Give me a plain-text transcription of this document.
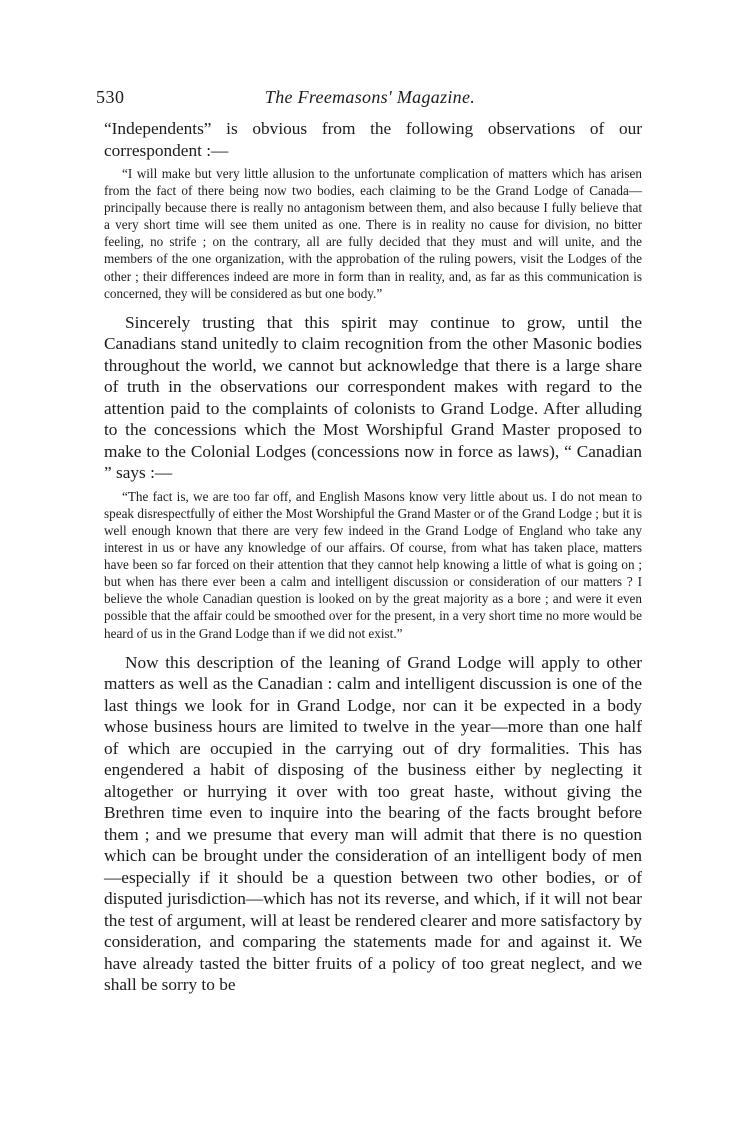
530	The Freemasons' Magazine.

“Independents” is obvious from the following observations of our correspondent :—

“I will make but very little allusion to the unfortunate complication of matters which has arisen from the fact of there being now two bodies, each claiming to be the Grand Lodge of Canada—principally because there is really no antagonism between them, and also because I fully believe that a very short time will see them united as one. There is in reality no cause for division, no bitter feeling, no strife ; on the contrary, all are fully decided that they must and will unite, and the members of the one organization, with the approbation of the ruling powers, visit the Lodges of the other ; their differences indeed are more in form than in reality, and, as far as this communication is concerned, they will be considered as but one body.”

Sincerely trusting that this spirit may continue to grow, until the Canadians stand unitedly to claim recognition from the other Masonic bodies throughout the world, we cannot but acknowledge that there is a large share of truth in the observations our correspondent makes with regard to the attention paid to the complaints of colonists to Grand Lodge. After alluding to the concessions which the Most Worshipful Grand Master proposed to make to the Colonial Lodges (concessions now in force as laws), “ Canadian ” says :—

“The fact is, we are too far off, and English Masons know very little about us. I do not mean to speak disrespectfully of either the Most Worshipful the Grand Master or of the Grand Lodge ; but it is well enough known that there are very few indeed in the Grand Lodge of England who take any interest in us or have any knowledge of our affairs. Of course, from what has taken place, matters have been so far forced on their attention that they cannot help knowing a little of what is going on ; but when has there ever been a calm and intelligent discussion or consideration of our matters ? I believe the whole Canadian question is looked on by the great majority as a bore ; and were it even possible that the affair could be smoothed over for the present, in a very short time no more would be heard of us in the Grand Lodge than if we did not exist.”

Now this description of the leaning of Grand Lodge will apply to other matters as well as the Canadian : calm and intelligent discussion is one of the last things we look for in Grand Lodge, nor can it be expected in a body whose business hours are limited to twelve in the year—more than one half of which are occupied in the carrying out of dry formalities. This has engendered a habit of disposing of the business either by neglecting it altogether or hurrying it over with too great haste, without giving the Brethren time even to inquire into the bearing of the facts brought before them ; and we presume that every man will admit that there is no question which can be brought under the consideration of an intelligent body of men—especially if it should be a question between two other bodies, or of disputed jurisdiction—which has not its reverse, and which, if it will not bear the test of argument, will at least be rendered clearer and more satisfactory by consideration, and comparing the statements made for and against it. We have already tasted the bitter fruits of a policy of too great neglect, and we shall be sorry to be
